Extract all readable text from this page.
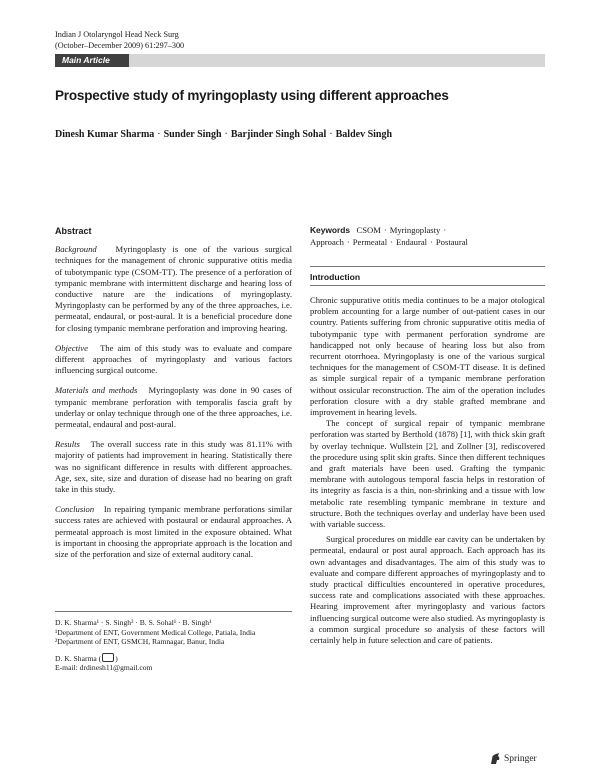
Indian J Otolaryngol Head Neck Surg
(October–December 2009) 61:297–300
Main Article
Prospective study of myringoplasty using different approaches
Dinesh Kumar Sharma · Sunder Singh · Barjinder Singh Sohal · Baldev Singh
Abstract

Background Myringoplasty is one of the various surgical techniques for the management of chronic suppurative otitis media of tubotympanic type (CSOM-TT). The presence of a perforation of tympanic membrane with intermittent discharge and hearing loss of conductive nature are the indications of myringoplasty. Myringoplasty can be performed by any of the three approaches, i.e. permeatal, endaural, or post-aural. It is a beneficial procedure done for closing tympanic membrane perforation and improving hearing.

Objective The aim of this study was to evaluate and compare different approaches of myringoplasty and various factors influencing surgical outcome.

Materials and methods Myringoplasty was done in 90 cases of tympanic membrane perforation with temporalis fascia graft by underlay or onlay technique through one of the three approaches, i.e. permeatal, endaural and post-aural.

Results The overall success rate in this study was 81.11% with majority of patients had improvement in hearing. Statistically there was no significant difference in results with different approaches. Age, sex, site, size and duration of disease had no bearing on graft take in this study.

Conclusion In repairing tympanic membrane perforations similar success rates are achieved with postaural or endaural approaches. A permeatal approach is most limited in the exposure obtained. What is important in choosing the appropriate approach is the location and size of the perforation and size of external auditory canal.

D. K. Sharma¹ · S. Singh² · B. S. Sohal¹ · B. Singh¹
¹Department of ENT, Government Medical College, Patiala, India
²Department of ENT, GSMCH, Ramnagar, Banur, India
D. K. Sharma ( )
E-mail: drdinesh11@gmail.com
Keywords CSOM · Myringoplasty ·
Approach · Permeatal · Endaural · Postaural
Introduction

Chronic suppurative otitis media continues to be a major otological problem accounting for a large number of out-patient cases in our country. Patients suffering from chronic suppurative otitis media of tubotympanic type with permanent perforation syndrome are handicapped not only because of hearing loss but also from recurrent otorrhoea. Myringoplasty is one of the various surgical techniques for the management of CSOM-TT disease. It is defined as simple surgical repair of a tympanic membrane perforation without ossicular reconstruction. The aim of the operation includes perforation closure with a dry stable grafted membrane and improvement in hearing levels.

The concept of surgical repair of tympanic membrane perforation was started by Berthold (1878) [1], with thick skin graft by overlay technique. Wullstein [2], and Zollner [3], rediscovered the procedure using split skin grafts. Since then different techniques and graft materials have been used. Grafting the tympanic membrane with autologous temporal fascia helps in restoration of its integrity as fascia is a thin, non-shrinking and a tissue with low metabolic rate resembling tympanic membrane in texture and structure. Both the techniques overlay and underlay have been used with variable success.

Surgical procedures on middle ear cavity can be undertaken by permeatal, endaural or post aural approach. Each approach has its own advantages and disadvantages. The aim of this study was to evaluate and compare different approaches of myringoplasty and to study practical difficulties encountered in operative procedures, success rate and complications associated with these approaches. Hearing improvement after myringoplasty and various factors influencing surgical outcome were also studied. As myringoplasty is a common surgical procedure so analysis of these factors will certainly help in future selection and care of patients.

Springer
